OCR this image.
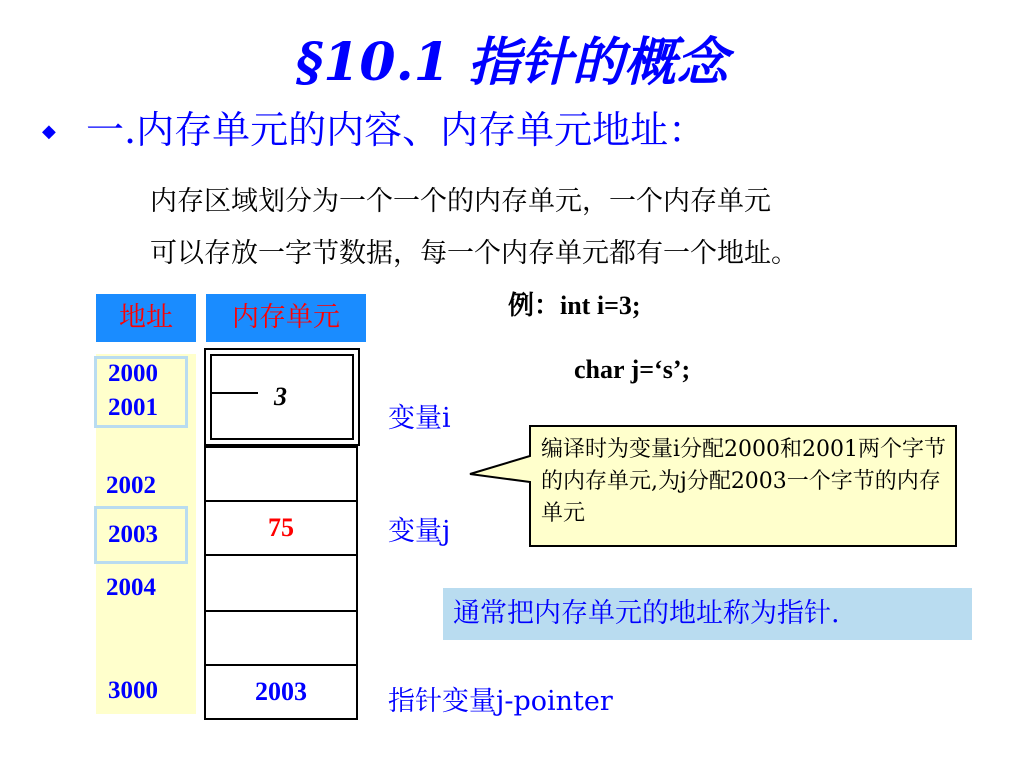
§10.1 指针的概念
◆ 一.内存单元的内容、内存单元地址：
内存区域划分为一个一个的内存单元，一个内存单元
可以存放一字节数据，每一个内存单元都有一个地址。
地址	内存单元
2000
2001
2002
2003
2004
3000
3
75
2003
变量i
变量j
指针变量j-pointer
例：int i=3;
char j=‘s’;
编译时为变量i分配2000和2001两个字节的内存单元,为j分配2003一个字节的内存单元
通常把内存单元的地址称为指针.
